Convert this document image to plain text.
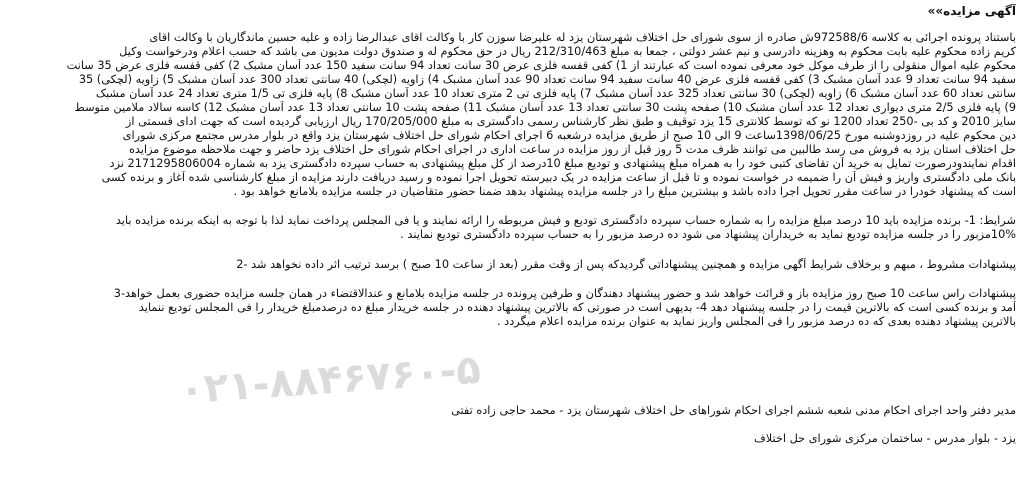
آگهی مزایده»»
باستناد پرونده اجرائی به کلاسه 972588/6ش صادره از سوی شورای حل اختلاف شهرستان یزد له علیرضا سوزن کار با وکالت اقای عبدالرضا زاده و علیه حسین ماندگاریان با وکالت اقای
کریم زاده محکوم علیه بابت محکوم به وهزینه دادرسی و نیم عشر دولتی ، جمعا به مبلغ 212/310/463 ریال در حق محکوم له و صندوق دولت مدیون می باشد که حسب اعلام ودرخواست وکیل
محکوم علیه اموال منقولی را از طرف موکل خود معرفی نموده است که عبارتند از 1) کفی قفسه فلزی عرض 30 سانت تعداد 94 سانت سفید 150 عدد آسان مشبک 2) کفی قفسه فلزی عرض 35 سانت
سفید 94 سانت تعداد 9 عدد آسان مشبک 3) کفی قفسه فلزی عرض 40 سانت سفید 94 سانت تعداد 90 عدد آسان مشبک 4) زاویه (لچکی) 40 سانتی تعداد 300 عدد آسان مشبک 5) زاویه (لچکی) 35
سانتی تعداد 60 عدد آسان مشبک 6) زاویه (لچکی) 30 سانتی تعداد 325 عدد آسان مشبک 7) پایه فلزی تی 2 متری تعداد 10 عدد آسان مشبک 8) پایه فلزی تی 1/5 متری تعداد 24 عدد آسان مشبک
9) پایه فلزی 2/5 متری دیواری تعداد 12 عدد آسان مشبک 10) صفحه پشت 30 سانتی تعداد 13 عدد آسان مشبک 11) صفحه پشت 10 سانتی تعداد 13 عدد آسان مشبک 12) کاسه سالاد ملامین متوسط
سایز 2010 و کد بی -250 تعداد 1200 نو که توسط کلانتری 15 یزد توقیف و طبق نظر کارشناس رسمی دادگستری به مبلغ 170/205/000 ریال ارزیابی گردیده است که جهت ادای قسمتی از
دین محکوم علیه در روزدوشنبه مورخ 1398/06/25ساعت 9 الی 10 صبح از طریق مزایده درشعبه 6 اجرای احکام شورای حل اختلاف شهرستان یزد واقع در بلوار مدرس مجتمع مرکزی شورای
حل اختلاف استان یزد به فروش می رسد طالبین می توانند ظرف مدت 5 روز قبل از روز مزایده در ساعت اداری در اجرای احکام شورای حل اختلاف یزد حاضر و جهت ملاحظه موضوع مزایده
اقدام نمایندودرصورت تمایل به خرید آن تقاضای کتبی خود را به همراه مبلغ پیشنهادی و تودیع مبلغ 10درصد از کل مبلغ پیشنهادی به حساب سپرده دادگستری یزد به شماره 2171295806004 نزد
بانک ملی دادگستری واریز و فیش آن را ضمیمه در خواست نموده و تا قبل از ساعت مزایده در یک دبیرسته تحویل اجرا نموده و رسید دریافت دارند مزایده از مبلغ کارشناسی شده آغاز و برنده کسی
است که پیشنهاد خودرا در ساعت مقرر تحویل اجرا داده باشد و بیشترین مبلغ را در جلسه مزایده پیشنهاد بدهد ضمنا حضور متقاضیان در جلسه مزایده بلامانع خواهد بود .
شرایط: 1- برنده مزایده باید 10 درصد مبلغ مزایده را به شماره حساب سپرده دادگستری تودیع و فیش مربوطه را ارائه نمایند و یا فی المجلس پرداخت نماید لذا با توجه به اینکه برنده مزایده باید
10%مزبور را در جلسه مزایده تودیع نماید به خریداران پیشنهاد می شود ده درصد مزبور را به حساب سپرده دادگستری تودیع نمایند .
پیشنهادات مشروط ، مبهم و برخلاف شرایط آگهی مزایده و همچنین پیشنهاداتی گردیدکه پس از وقت مقرر (بعد از ساعت 10 صبح ) برسد ترتیب اثر داده نخواهد شد -2
پیشنهادات راس ساعت 10 صبح روز مزایده باز و قرائت خواهد شد و حضور پیشنهاد دهندگان و طرفین پرونده در جلسه مزایده بلامانع و عندالاقتضاء در همان جلسه مزایده حضوری بعمل خواهد-3
آمد و برنده کسی است که بالاترین قیمت را در جلسه پیشنهاد دهد 4- بدیهی است در صورتی که بالاترین پیشنهاد دهنده در جلسه خریدار مبلغ ده درصدمبلغ خریدار را فی المجلس تودیع ننماید
بالاترین پیشنهاد دهنده بعدی که ده درصد مزبور را فی المجلس واریز نماید به عنوان برنده مزایده اعلام میگردد .
۰۲۱-۸۸۴۶۷۶۰-۵
مدیر دفتر واحد اجرای احکام مدنی شعبه ششم اجرای احکام شوراهای حل اختلاف شهرستان یزد - محمد حاجی زاده تفتی
یزد - بلوار مدرس - ساختمان مرکزی شورای حل اختلاف
